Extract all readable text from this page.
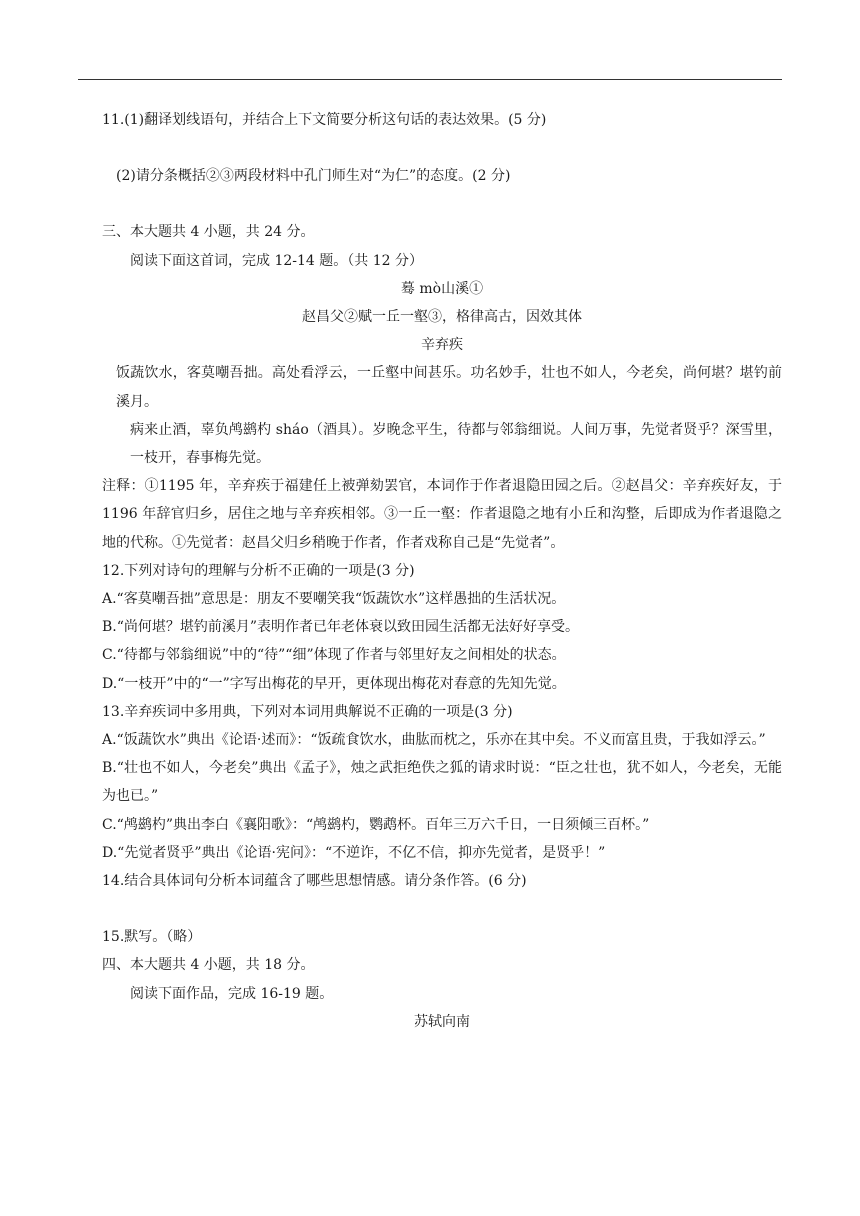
11.(1)翻译划线语句，并结合上下文简要分析这句话的表达效果。(5 分)
(2)请分条概括②③两段材料中孔门师生对“为仁”的态度。(2 分)
三、本大题共 4 小题，共 24 分。
阅读下面这首词，完成 12-14 题。（共 12 分）
蓦 mò山溪①
赵昌父②赋一丘一壑③，格律高古，因效其体
辛弃疾
饭蔬饮水，客莫嘲吾拙。高处看浮云，一丘壑中间甚乐。功名妙手，壮也不如人，今老矣，尚何堪？堪钓前溪月。
病来止酒，辜负鸬鹚杓 sháo（酒具）。岁晚念平生，待都与邻翁细说。人间万事，先觉者贤乎？深雪里，一枝开，春事梅先觉。
注释：①1195 年，辛弃疾于福建任上被弹劾罢官，本词作于作者退隐田园之后。②赵昌父：辛弃疾好友，于 1196 年辞官归乡，居住之地与辛弃疾相邻。③一丘一壑：作者退隐之地有小丘和沟整，后即成为作者退隐之地的代称。①先觉者：赵昌父归乡稍晚于作者，作者戏称自己是“先觉者”。
12.下列对诗句的理解与分析不正确的一项是(3 分)
A.“客莫嘲吾拙”意思是：朋友不要嘲笑我“饭蔬饮水”这样愚拙的生活状况。
B.“尚何堪？堪钓前溪月”表明作者已年老体衰以致田园生活都无法好好享受。
C.“待都与邻翁细说”中的“待”“细”体现了作者与邻里好友之间相处的状态。
D.“一枝开”中的“一”字写出梅花的早开，更体现出梅花对春意的先知先觉。
13.辛弃疾词中多用典，下列对本词用典解说不正确的一项是(3 分)
A.“饭蔬饮水”典出《论语·述而》：“饭疏食饮水，曲肱而枕之，乐亦在其中矣。不义而富且贵，于我如浮云。”
B.“壮也不如人，今老矣”典出《孟子》，烛之武拒绝佚之狐的请求时说：“臣之壮也，犹不如人，今老矣，无能为也已。”
C.“鸬鹚杓”典出李白《襄阳歌》：“鸬鹚杓，鹦鹉杯。百年三万六千日，一日须倾三百杯。”
D.“先觉者贤乎”典出《论语·宪问》：“不逆诈，不亿不信，抑亦先觉者，是贤乎！”
14.结合具体词句分析本词蕴含了哪些思想情感。请分条作答。(6 分)
15.默写。（略）
四、本大题共 4 小题，共 18 分。
阅读下面作品，完成 16-19 题。
苏轼向南
